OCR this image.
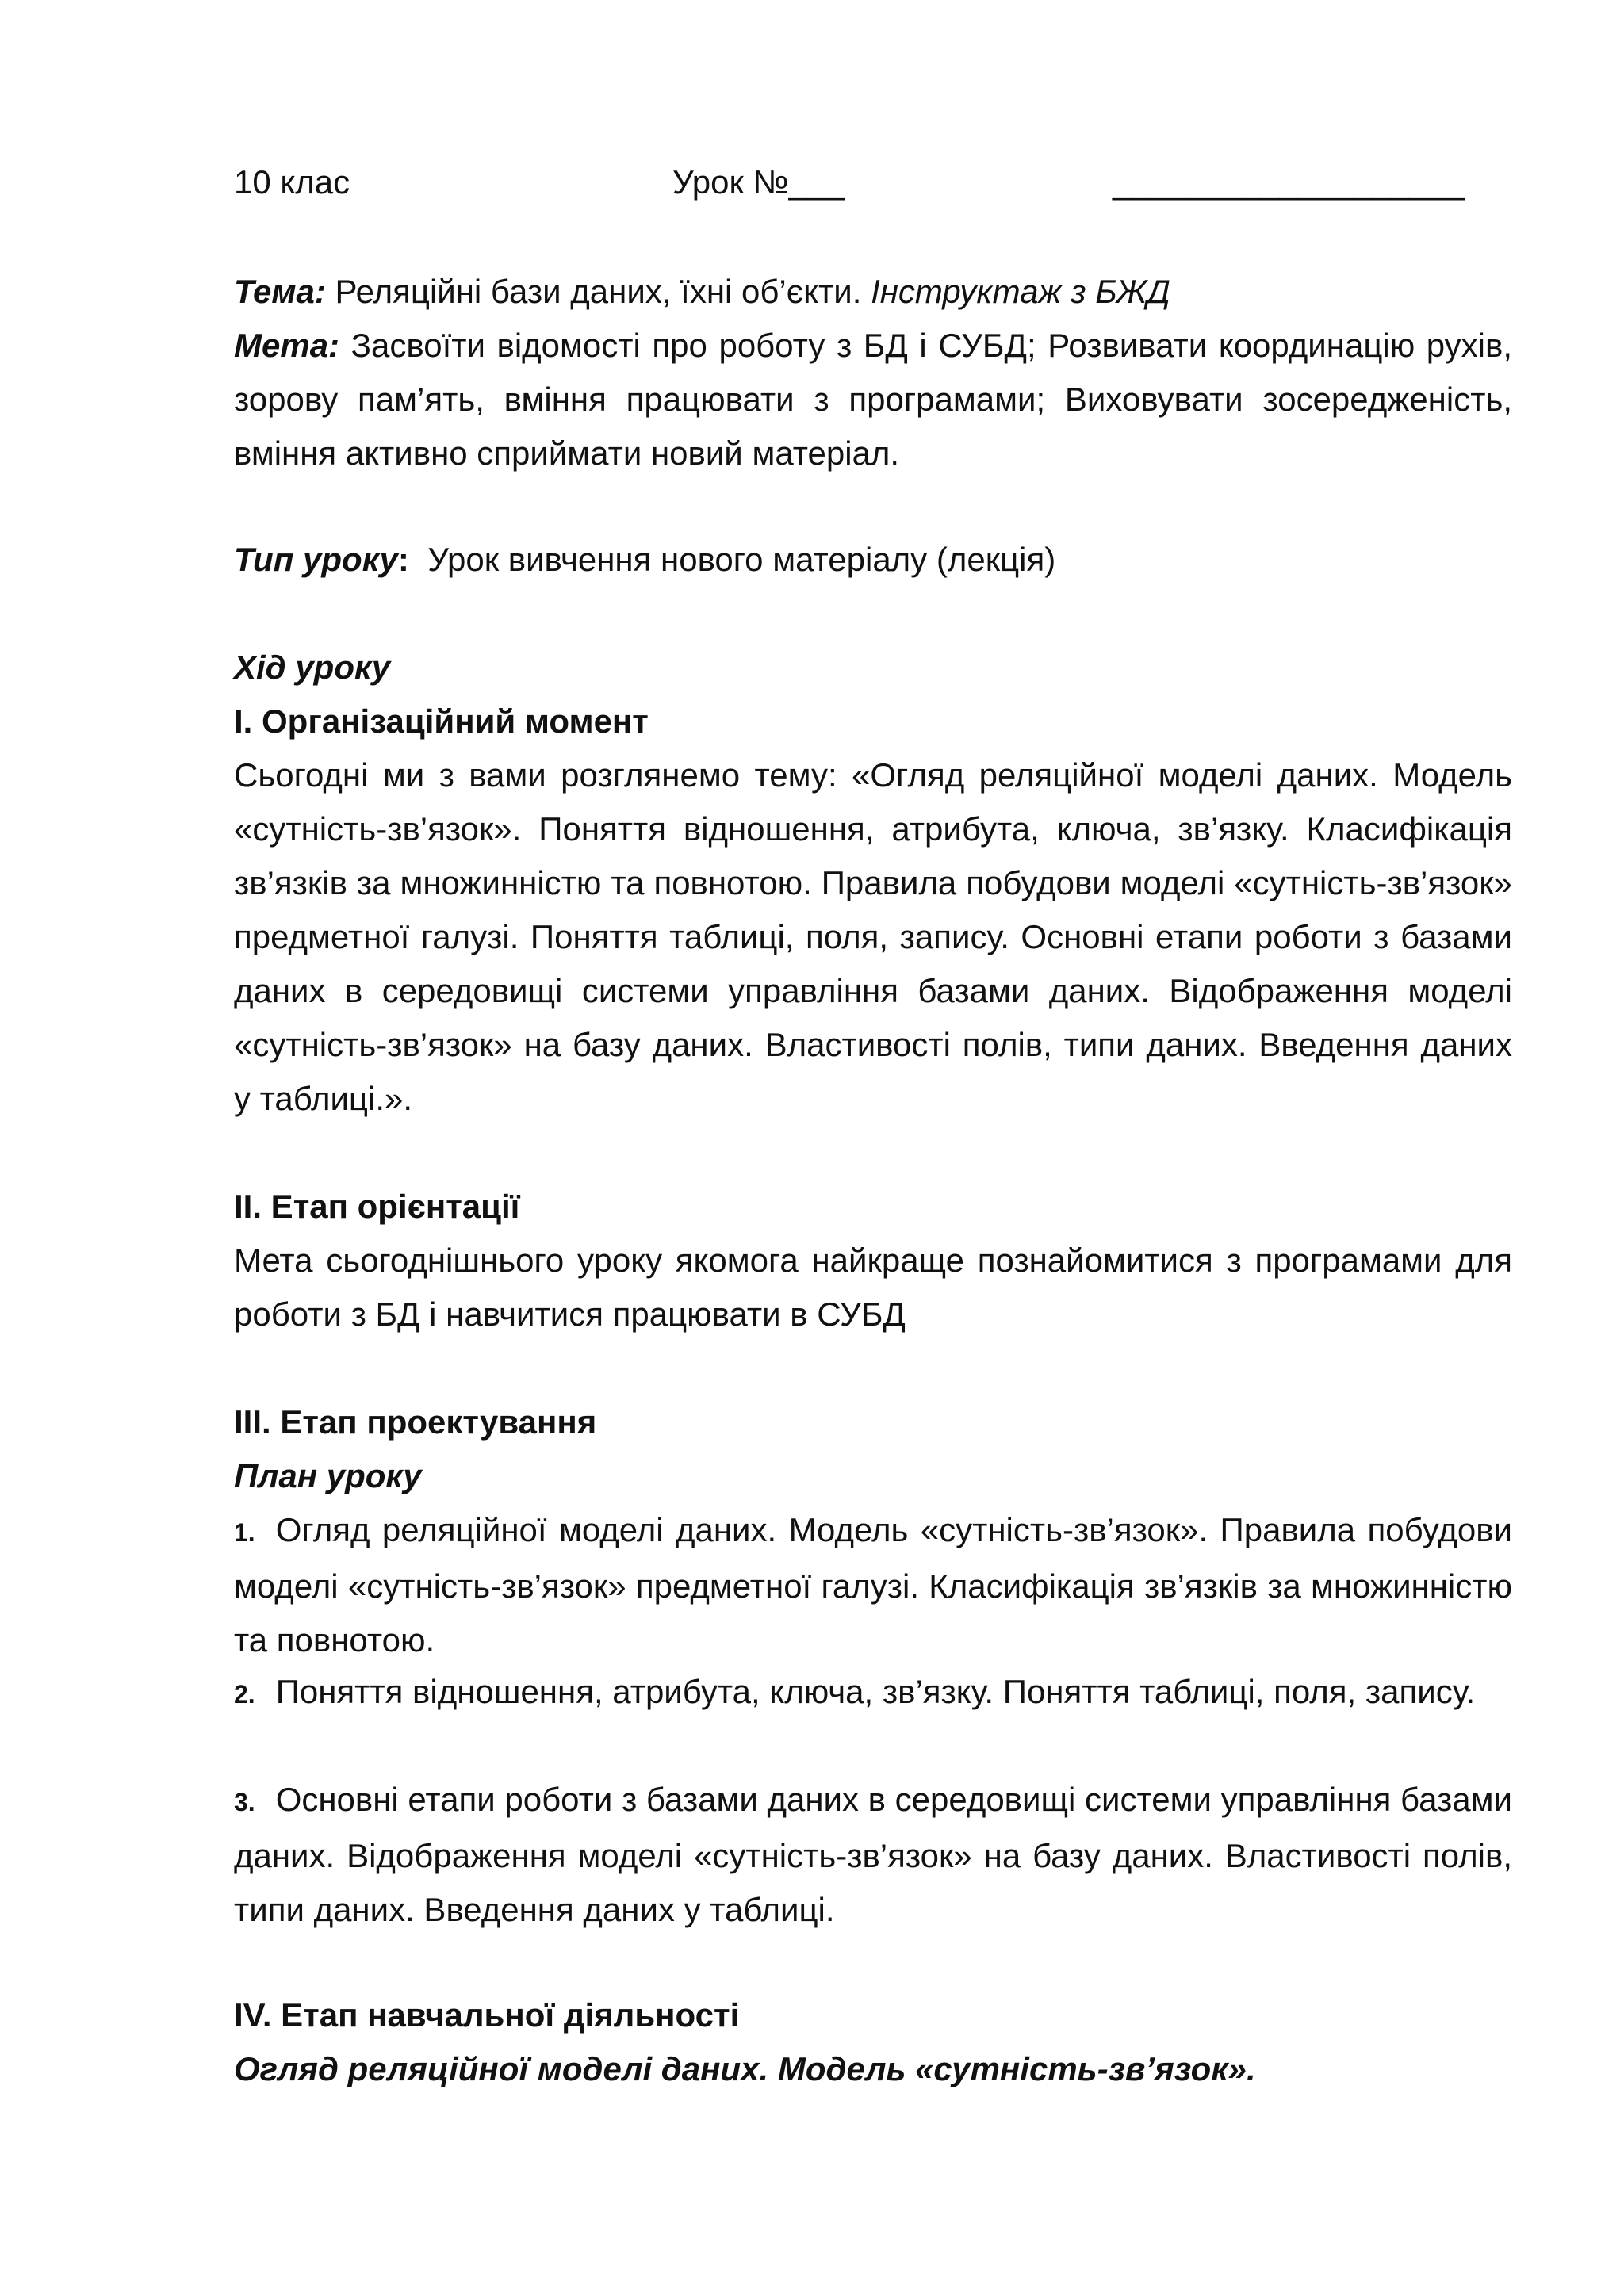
10 клас	Урок №___	___________________
Тема: Реляційні бази даних, їхні об’єкти. Інструктаж з БЖД
Мета: Засвоїти відомості про роботу з БД і СУБД; Розвивати координацію рухів, зорову пам’ять, вміння працювати з програмами; Виховувати зосередженість, вміння активно сприймати новий матеріал.
Тип уроку: Урок вивчення нового матеріалу (лекція)
Хід уроку
І. Організаційний момент
Сьогодні ми з вами розглянемо тему: «Огляд реляційної моделі даних. Модель «сутність-зв’язок». Поняття відношення, атрибута, ключа, зв’язку. Класифікація зв’язків за множинністю та повнотою. Правила побудови моделі «сутність-зв’язок» предметної галузі. Поняття таблиці, поля, запису. Основні етапи роботи з базами даних в середовищі системи управління базами даних. Відображення моделі «сутність-зв’язок» на базу даних. Властивості полів, типи даних. Введення даних у таблиці.».
ІІ. Етап орієнтації
Мета сьогоднішнього уроку якомога найкраще познайомитися з програмами для роботи з БД і навчитися працювати в СУБД
ІІІ. Етап проектування
План уроку
1. Огляд реляційної моделі даних. Модель «сутність-зв’язок». Правила побудови моделі «сутність-зв’язок» предметної галузі. Класифікація зв’язків за множинністю та повнотою.
2. Поняття відношення, атрибута, ключа, зв’язку. Поняття таблиці, поля, запису.
3. Основні етапи роботи з базами даних в середовищі системи управління базами даних. Відображення моделі «сутність-зв’язок» на базу даних. Властивості полів, типи даних. Введення даних у таблиці.
IV. Етап навчальної діяльності
Огляд реляційної моделі даних. Модель «сутність-зв’язок».
